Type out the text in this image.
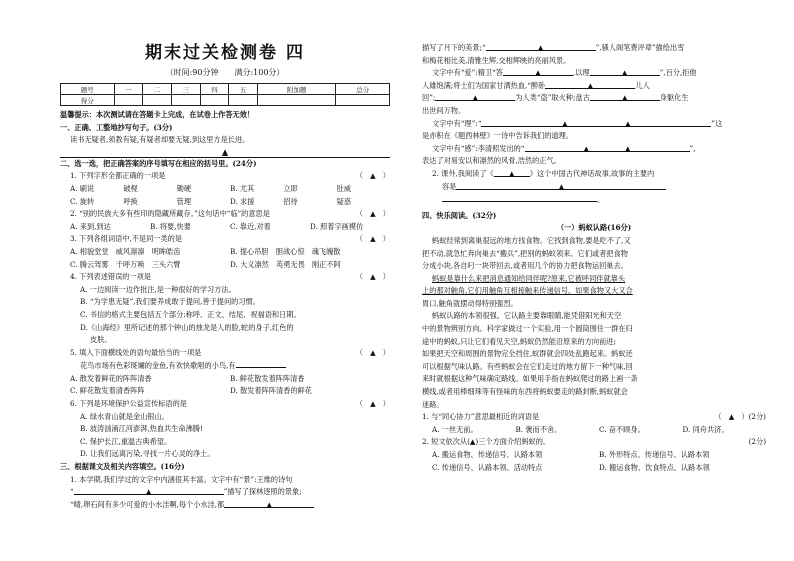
期末过关检测卷 四
（时间:90分钟　　满分:100分）
题号	一	二	三	四	五	附加题	总分
得分							
温馨提示：本次测试请在答题卡上完成，在试卷上作答无效！
一、正确、工整地抄写句子。(3分)
读书无疑者,须教有疑,有疑者却要无疑,到这里方是长进。
▲
二、选一选，把正确答案的序号填写在相应的括号里。(24分)
1. 下列字形全都正确的一项是	（　▲　）
A. 刷说	破枧	锄硬	B. 尤其	立即	肚威
C. 旋转	呼换	管理	D. 求援	招待	疑惑
2. “别的民族大多有些印的隐藏所藏存。”这句话中“临”的意思是	（　▲　）
A. 来到,到达	B. 将要,快要	C. 靠近,对着	D. 照着字画模仿
3. 下列各组词语中,不是同一类的是	（　▲　）
A. 相貌堂堂　威风凛凛　明眸皓齿	B. 提心吊胆　胆战心惊　魂飞魄散
C. 腾云驾雾　千呼万唤　三头六臂	D. 大义凛然　英勇无畏　刚正不阿
4. 下列表述错误的一项是	（　▲　）
A. 一边阅读一边作批注,是一种很好的学习方法。
B. “为学患无疑”,我们要养成敢于提问,善于提问的习惯。
C. 书信的格式主要包括五个部分:称呼、正文、结尾、祝福语和日期。
D.《山海经》里所记述的那个钟山的烛龙是人的脸,蛇的身子,红色的
皮肤。
5. 填入下面横线处的语句最恰当的一项是	（　▲　）
花鸟市场有色彩斑斓的金鱼,有欢快歌唱的小鸟,有
A. 散发着鲜花的阵阵清香	B. 鲜花散发着阵阵清香
C. 鲜花散发着清香阵阵	D. 散发着阵阵清香的鲜花
6. 下列是环境保护公益宣传标语的是	（　▲　）
A. 绿水青山就是金山银山。
B. 波涛汹涌江河澎湃,热血共生命沸腾!
C. 保护长江,重温古典希望。
D. 让我们远离污染,寻找一片心灵的净土。
三、根据课文及相关内容填空。(16分)
1. 本学期,我们学过的文字中内涵很其丰富。文字中有“景”:王维的诗句
“	▲	”描写了探林逐照的景象;
“晴,卵石间有多少可爱的小水洼啊,每个小水洼,都	▲
描写了月下的美景;“	▲	”,骚人阁笔费评章”描绘出雪
和梅花相比美,清雅生辉,交相辉映的亮丽风景。
文字中有“爱”:精卫“答	▲	,以理	▲	”,百分,拒他
人雄饱满;将士们为国家甘洒热血,“醉卧	▲	儿人
回”;	▲	为人类“盗”取火种;盘古	▲	身躯化生
出世间万物。
文字中有“理”:“	▲　　　　　　　　	▲	”这
是亦积在《题西林壁》一诗中告诉我们的道理。
文字中有“感”:李清照发出的“	▲　　　　　	▲	”,
表达了对易安以和凛然的风骨,浩然的正气。
2. 课外,我阅读了《 ▲ 》这个中国古代神话故事,故事的主要内
容是	▲
。
四、快乐阅读。(32分)
（一）蚂蚁认路(16分)
蚂蚁经常到离巢很远的地方找食物。它找到食物,要是吃不了,又
把不动,就急忙奔向巢去“搬兵”,把别的蚂蚁领来。它们或者把食物
分成小块,各自叼一块带回去,或者用几个的协力把食物运回巢去。
蚂蚁是靠什么来把消息通知给同伴呢?原来,它被呼同伴就靠头
上的那对触角,它们用触角互相接触来传递信号。如果食物又大又合
胃口,触角就摆动得特别强烈。
蚂蚁认路的本领很强。它认路主要靠眼睛,能凭借阳光和天空
中的景物辨别方向。科学家做过一个实验,用一个圆筒围住一群在归
途中的蚂蚁,只让它们看见天空,蚂蚁仍然能沿原来的方向前进;
如果把天空和周围的景物完全挡住,蚁群就会四处乱跑起来。蚂蚁还
可以根据气味认路。有些蚂蚁会在它们走过的地方留下一种气味,回
来时就根据这种气味确定路线。如果用手指在蚂蚁爬过的路上画一条
横线,或者用棒细珠等有怪味的东西将蚂蚁要走的路封断,蚂蚁就会
迷路。
1. 与“同心协力”意思最相近的词语是	（　▲　）(2分)
A. 一丝无前。	B. 褒而不舍。	C. 奋不顾身。	D. 同舟共济。
2. 短文依次从(▲)三个方面介绍蚂蚁的。	(2分)
A. 搬运食物、传递信号、认路本领	B. 外形特点、传递信号、认路本领
C. 传递信号、认路本领、活动特点	D. 搬运食物、饮食特点、认路本领
